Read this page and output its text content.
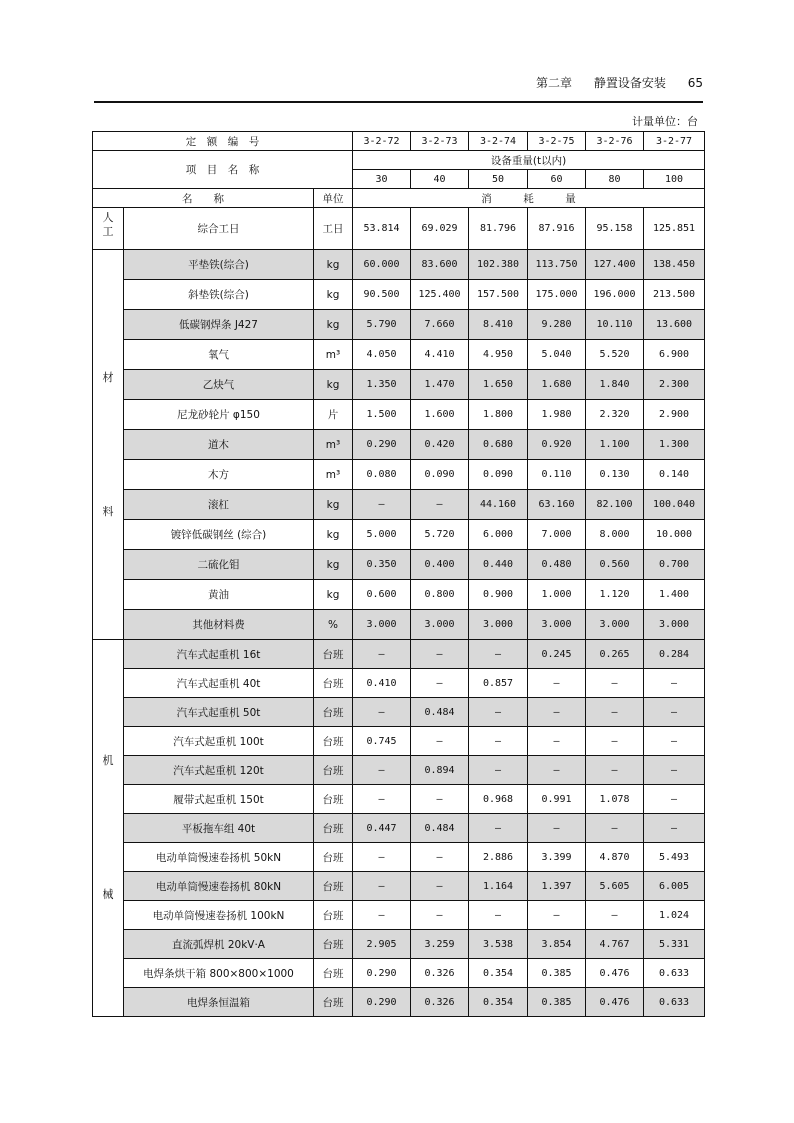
第二章 静置设备安装 65
计量单位：台
定　额　编　号			3-2-72	3-2-73	3-2-74	3-2-75	3-2-76	3-2-77
项　目　名　称			设备重量(t以内)					
			30	40	50	60	80	100
名　　称		单位	消　　　耗　　　量					
人工	综合工日	工日	53.814	69.029	81.796	87.916	95.158	125.851

材
料	平垫铁(综合)	kg	60.000	83.600	102.380	113.750	127.400	138.450
	斜垫铁(综合)	kg	90.500	125.400	157.500	175.000	196.000	213.500
	低碳钢焊条 J427	kg	5.790	7.660	8.410	9.280	10.110	13.600
	氧气	m³	4.050	4.410	4.950	5.040	5.520	6.900
	乙炔气	kg	1.350	1.470	1.650	1.680	1.840	2.300
	尼龙砂轮片 φ150	片	1.500	1.600	1.800	1.980	2.320	2.900
	道木	m³	0.290	0.420	0.680	0.920	1.100	1.300
	木方	m³	0.080	0.090	0.090	0.110	0.130	0.140
	滚杠	kg	—	—	44.160	63.160	82.100	100.040
	镀锌低碳钢丝 (综合)	kg	5.000	5.720	6.000	7.000	8.000	10.000
	二硫化钼	kg	0.350	0.400	0.440	0.480	0.560	0.700
	黄油	kg	0.600	0.800	0.900	1.000	1.120	1.400
	其他材料费	%	3.000	3.000	3.000	3.000	3.000	3.000

机
械	汽车式起重机 16t	台班	—	—	—	0.245	0.265	0.284
	汽车式起重机 40t	台班	0.410	—	0.857	—	—	—
	汽车式起重机 50t	台班	—	0.484	—	—	—	—
	汽车式起重机 100t	台班	0.745	—	—	—	—	—
	汽车式起重机 120t	台班	—	0.894	—	—	—	—
	履带式起重机 150t	台班	—	—	0.968	0.991	1.078	—
	平板拖车组 40t	台班	0.447	0.484	—	—	—	—
	电动单筒慢速卷扬机 50kN	台班	—	—	2.886	3.399	4.870	5.493
	电动单筒慢速卷扬机 80kN	台班	—	—	1.164	1.397	5.605	6.005
	电动单筒慢速卷扬机 100kN	台班	—	—	—	—	—	1.024
	直流弧焊机 20kV·A	台班	2.905	3.259	3.538	3.854	4.767	5.331
	电焊条烘干箱 800×800×1000	台班	0.290	0.326	0.354	0.385	0.476	0.633
	电焊条恒温箱	台班	0.290	0.326	0.354	0.385	0.476	0.633
